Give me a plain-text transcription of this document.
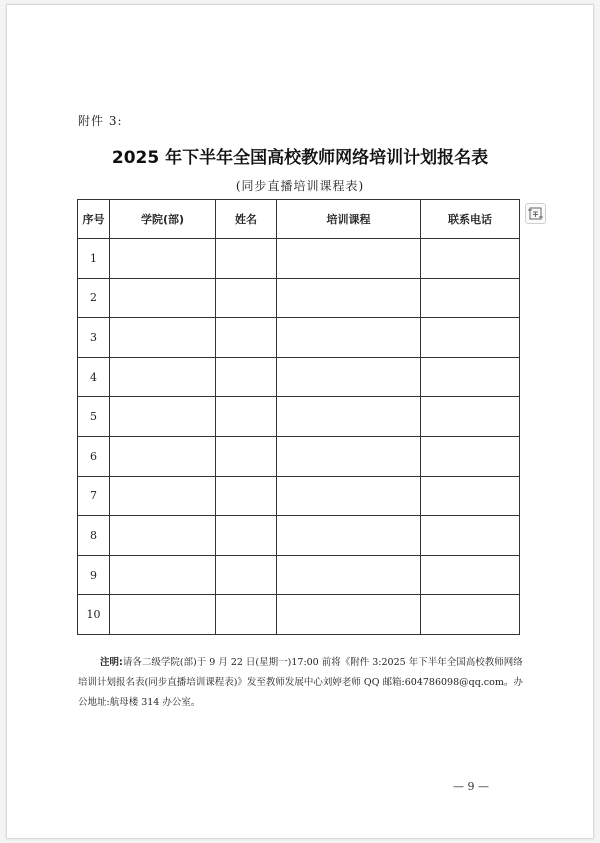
附件 3:
2025 年下半年全国高校教师网络培训计划报名表
(同步直播培训课程表)
序号	学院(部)	姓名	培训课程	联系电话
1				
2				
3				
4				
5				
6				
7				
8				
9				
10				
注明:请各二级学院(部)于 9 月 22 日(星期一)17:00 前将《附件 3:2025 年下半年全国高校教师网络培训计划报名表(同步直播培训课程表)》发至教师发展中心刘婷老师 QQ 邮箱:604786098@qq.com。办公地址:航母楼 314 办公室。
— 9 —
